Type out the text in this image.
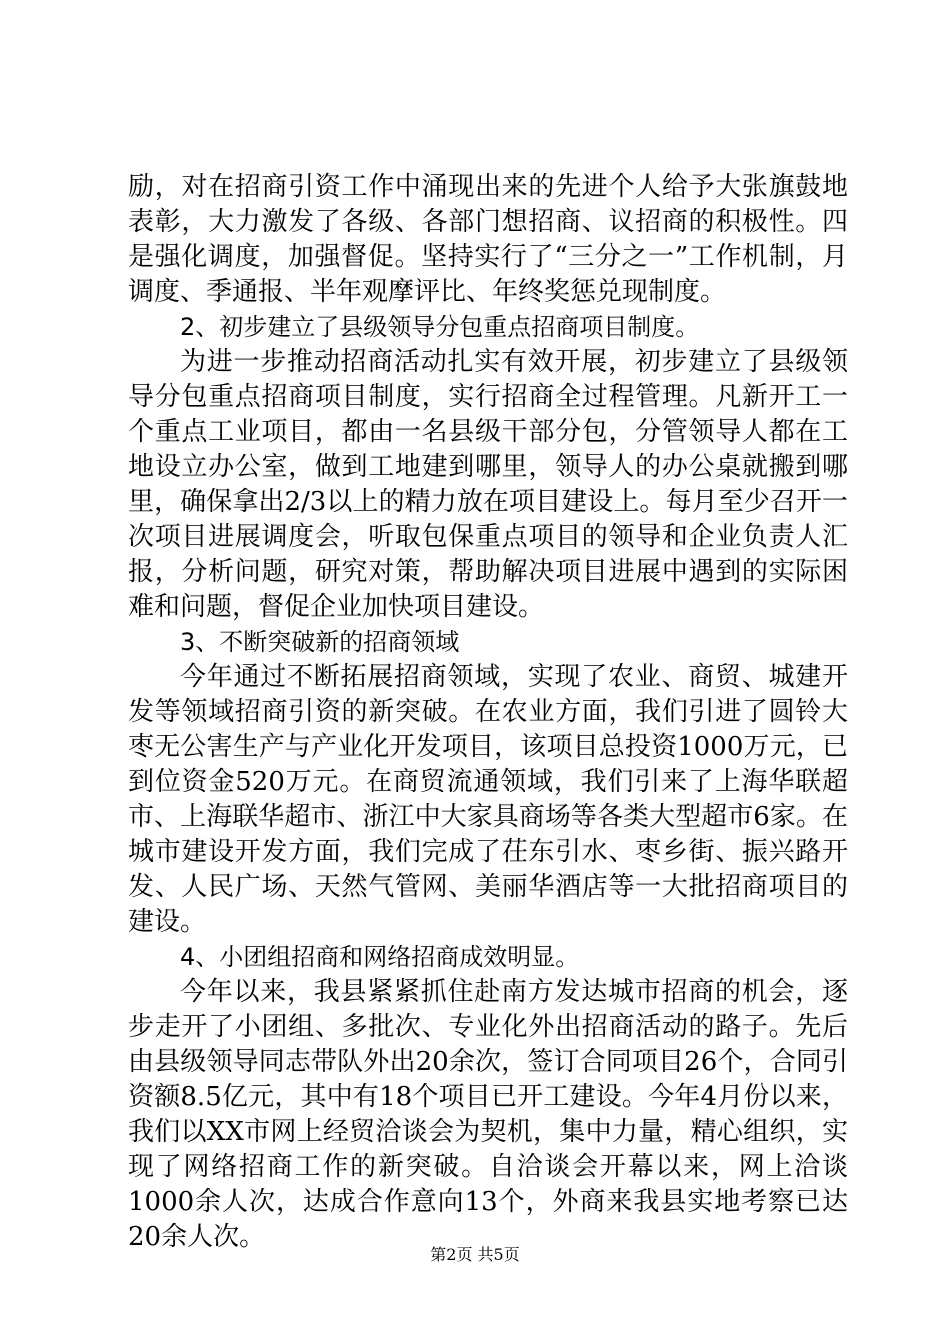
励，对在招商引资工作中涌现出来的先进个人给予大张旗鼓地表彰，大力激发了各级、各部门想招商、议招商的积极性。四是强化调度，加强督促。坚持实行了“三分之一”工作机制，月调度、季通报、半年观摩评比、年终奖惩兑现制度。

2、初步建立了县级领导分包重点招商项目制度。

为进一步推动招商活动扎实有效开展，初步建立了县级领导分包重点招商项目制度，实行招商全过程管理。凡新开工一个重点工业项目，都由一名县级干部分包，分管领导人都在工地设立办公室，做到工地建到哪里，领导人的办公桌就搬到哪里，确保拿出2/3以上的精力放在项目建设上。每月至少召开一次项目进展调度会，听取包保重点项目的领导和企业负责人汇报，分析问题，研究对策，帮助解决项目进展中遇到的实际困难和问题，督促企业加快项目建设。

3、不断突破新的招商领域

今年通过不断拓展招商领域，实现了农业、商贸、城建开发等领域招商引资的新突破。在农业方面，我们引进了圆铃大枣无公害生产与产业化开发项目，该项目总投资1000万元，已到位资金520万元。在商贸流通领域，我们引来了上海华联超市、上海联华超市、浙江中大家具商场等各类大型超市6家。在城市建设开发方面，我们完成了茌东引水、枣乡街、振兴路开发、人民广场、天然气管网、美丽华酒店等一大批招商项目的建设。

4、小团组招商和网络招商成效明显。

今年以来，我县紧紧抓住赴南方发达城市招商的机会，逐步走开了小团组、多批次、专业化外出招商活动的路子。先后由县级领导同志带队外出20余次，签订合同项目26个，合同引资额8.5亿元，其中有18个项目已开工建设。今年4月份以来，我们以XX市网上经贸洽谈会为契机，集中力量，精心组织，实现了网络招商工作的新突破。自洽谈会开幕以来，网上洽谈1000余人次，达成合作意向13个，外商来我县实地考察已达20余人次。

第2页 共5页
